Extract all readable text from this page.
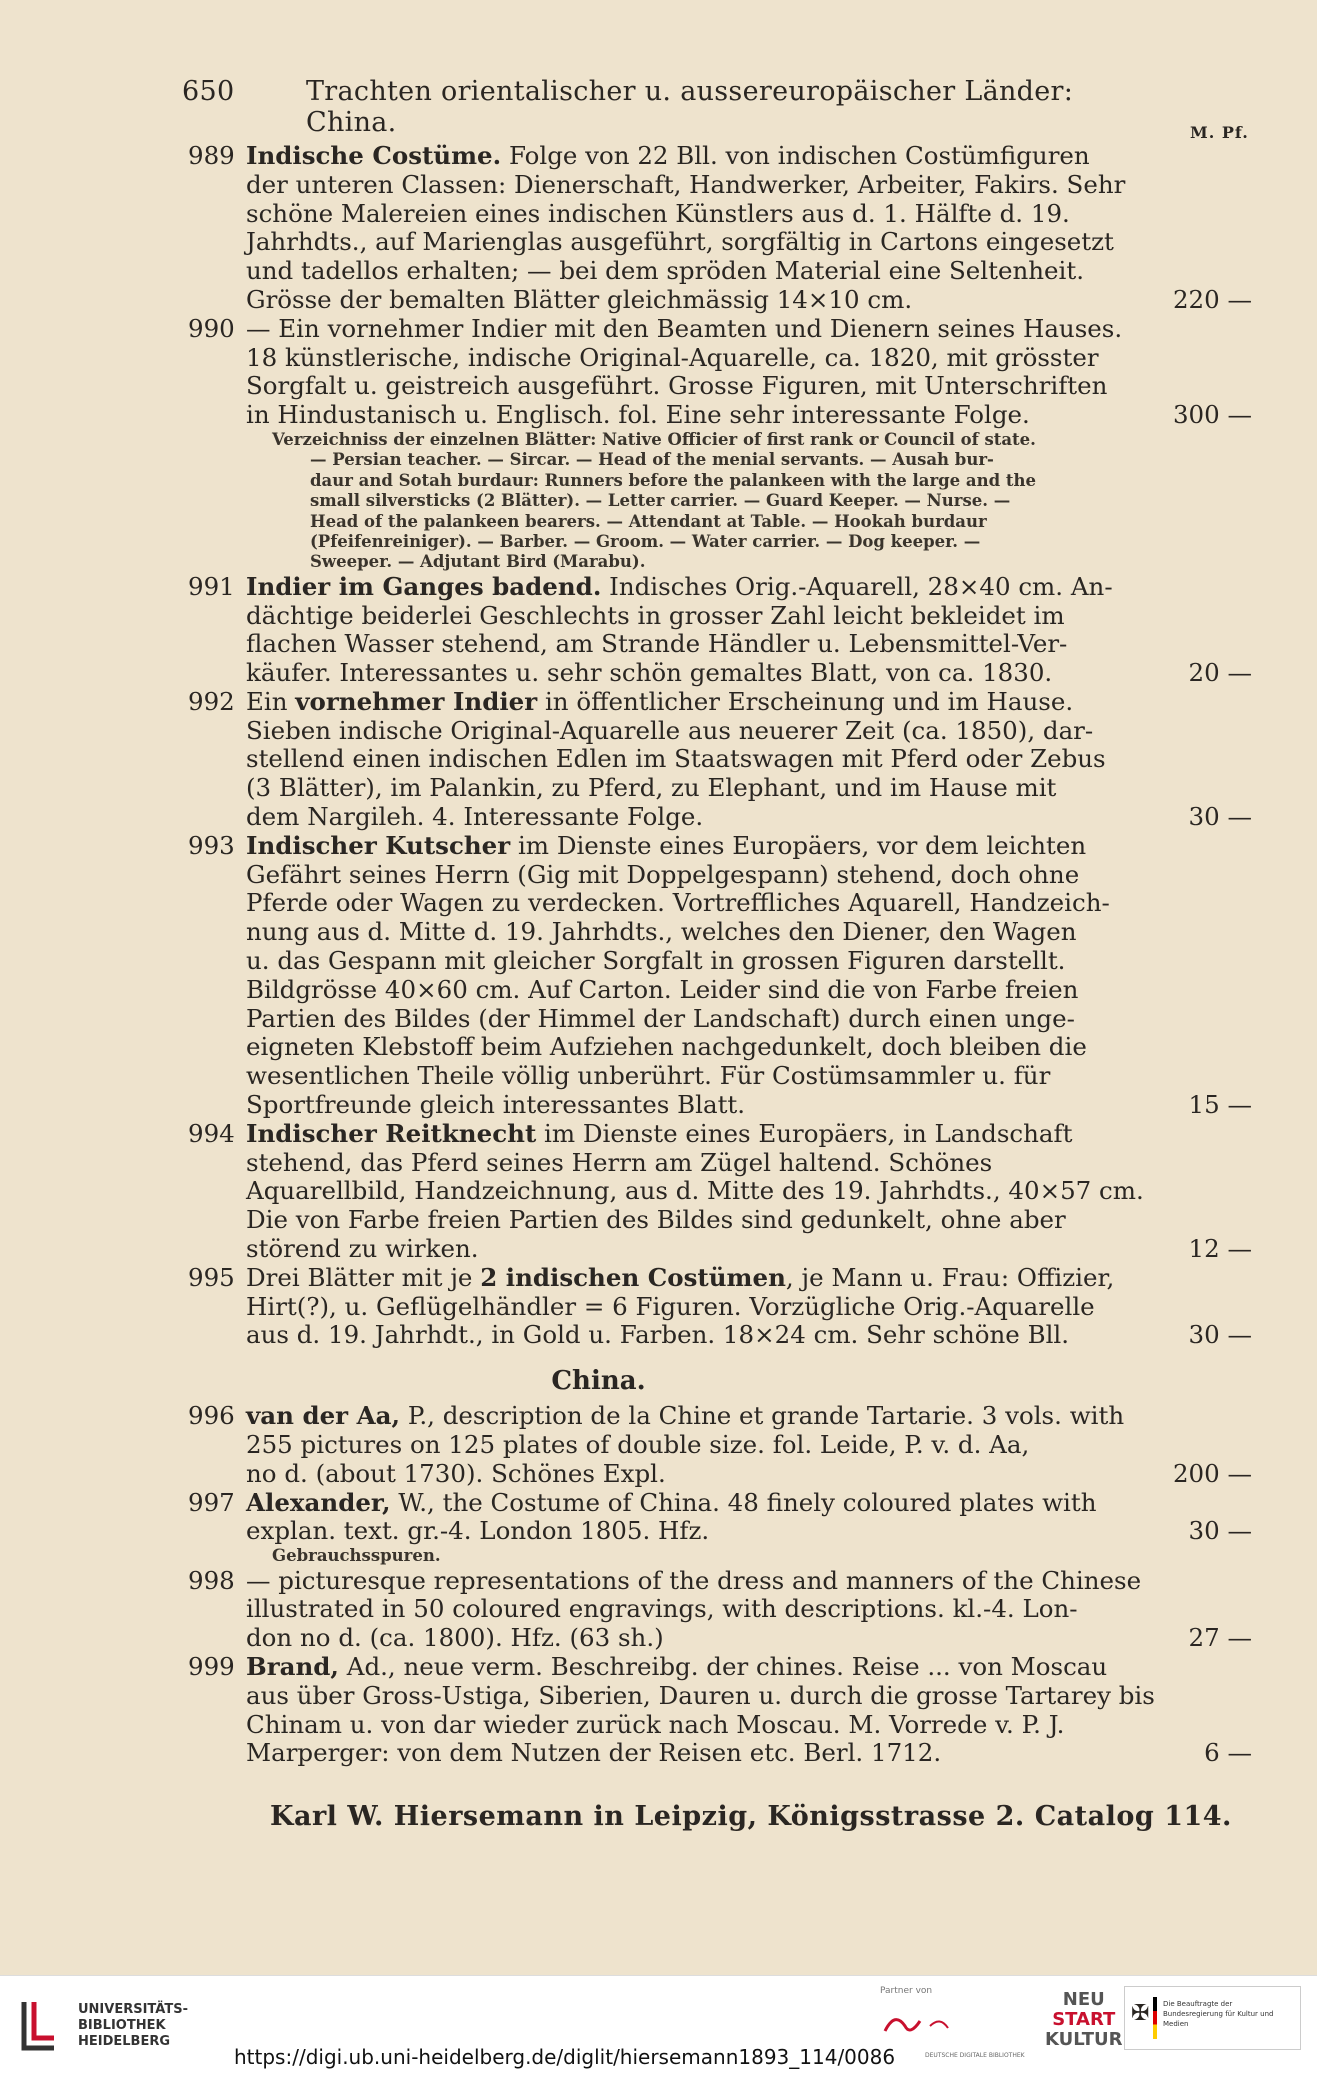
650	Trachten orientalischer u. aussereuropäischer Länder: China.	M. Pf.
989 Indische Costüme. Folge von 22 Bll. von indischen Costümfiguren
der unteren Classen: Dienerschaft, Handwerker, Arbeiter, Fakirs. Sehr
schöne Malereien eines indischen Künstlers aus d. 1. Hälfte d. 19.
Jahrhdts., auf Marienglas ausgeführt, sorgfältig in Cartons eingesetzt
und tadellos erhalten; — bei dem spröden Material eine Seltenheit.
Grösse der bemalten Blätter gleichmässig 14×10 cm.	220 —
990 — Ein vornehmer Indier mit den Beamten und Dienern seines Hauses.
18 künstlerische, indische Original-Aquarelle, ca. 1820, mit grösster
Sorgfalt u. geistreich ausgeführt. Grosse Figuren, mit Unterschriften
in Hindustanisch u. Englisch. fol. Eine sehr interessante Folge.	300 —
Verzeichniss der einzelnen Blätter: Native Officier of first rank or Council of state.
— Persian teacher. — Sircar. — Head of the menial servants. — Ausah bur-
daur and Sotah burdaur: Runners before the palankeen with the large and the
small silversticks (2 Blätter). — Letter carrier. — Guard Keeper. — Nurse. —
Head of the palankeen bearers. — Attendant at Table. — Hookah burdaur
(Pfeifenreiniger). — Barber. — Groom. — Water carrier. — Dog keeper. —
Sweeper. — Adjutant Bird (Marabu).
991 Indier im Ganges badend. Indisches Orig.-Aquarell, 28×40 cm. An-
dächtige beiderlei Geschlechts in grosser Zahl leicht bekleidet im
flachen Wasser stehend, am Strande Händler u. Lebensmittel-Ver-
käufer. Interessantes u. sehr schön gemaltes Blatt, von ca. 1830.	20 —
992 Ein vornehmer Indier in öffentlicher Erscheinung und im Hause.
Sieben indische Original-Aquarelle aus neuerer Zeit (ca. 1850), dar-
stellend einen indischen Edlen im Staatswagen mit Pferd oder Zebus
(3 Blätter), im Palankin, zu Pferd, zu Elephant, und im Hause mit
dem Nargileh. 4. Interessante Folge.	30 —
993 Indischer Kutscher im Dienste eines Europäers, vor dem leichten
Gefährt seines Herrn (Gig mit Doppelgespann) stehend, doch ohne
Pferde oder Wagen zu verdecken. Vortreffliches Aquarell, Handzeich-
nung aus d. Mitte d. 19. Jahrhdts., welches den Diener, den Wagen
u. das Gespann mit gleicher Sorgfalt in grossen Figuren darstellt.
Bildgrösse 40×60 cm. Auf Carton. Leider sind die von Farbe freien
Partien des Bildes (der Himmel der Landschaft) durch einen unge-
eigneten Klebstoff beim Aufziehen nachgedunkelt, doch bleiben die
wesentlichen Theile völlig unberührt. Für Costümsammler u. für
Sportfreunde gleich interessantes Blatt.	15 —
994 Indischer Reitknecht im Dienste eines Europäers, in Landschaft
stehend, das Pferd seines Herrn am Zügel haltend. Schönes
Aquarellbild, Handzeichnung, aus d. Mitte des 19. Jahrhdts., 40×57 cm.
Die von Farbe freien Partien des Bildes sind gedunkelt, ohne aber
störend zu wirken.	12 —
995 Drei Blätter mit je 2 indischen Costümen, je Mann u. Frau: Offizier,
Hirt(?), u. Geflügelhändler = 6 Figuren. Vorzügliche Orig.-Aquarelle
aus d. 19. Jahrhdt., in Gold u. Farben. 18×24 cm. Sehr schöne Bll.	30 —
China.
996 van der Aa, P., description de la Chine et grande Tartarie. 3 vols. with
255 pictures on 125 plates of double size. fol. Leide, P. v. d. Aa,
no d. (about 1730). Schönes Expl.	200 —
997 Alexander, W., the Costume of China. 48 finely coloured plates with
explan. text. gr.-4. London 1805. Hfz.	30 —
Gebrauchsspuren.
998 — picturesque representations of the dress and manners of the Chinese
illustrated in 50 coloured engravings, with descriptions. kl.-4. Lon-
don no d. (ca. 1800). Hfz. (63 sh.)	27 —
999 Brand, Ad., neue verm. Beschreibg. der chines. Reise ... von Moscau
aus über Gross-Ustiga, Siberien, Dauren u. durch die grosse Tartarey bis
Chinam u. von dar wieder zurück nach Moscau. M. Vorrede v. P. J.
Marperger: von dem Nutzen der Reisen etc. Berl. 1712.	6 —
Karl W. Hiersemann in Leipzig, Königsstrasse 2. Catalog 114.
UNIVERSITÄTS-
BIBLIOTHEK
HEIDELBERG
Partner von
DEUTSCHE DIGITALE BIBLIOTHEK
NEU
START
KULTUR
✠ Die Beauftragte der Bundesregierung für Kultur und Medien
https://digi.ub.uni-heidelberg.de/diglit/hiersemann1893_114/0086
